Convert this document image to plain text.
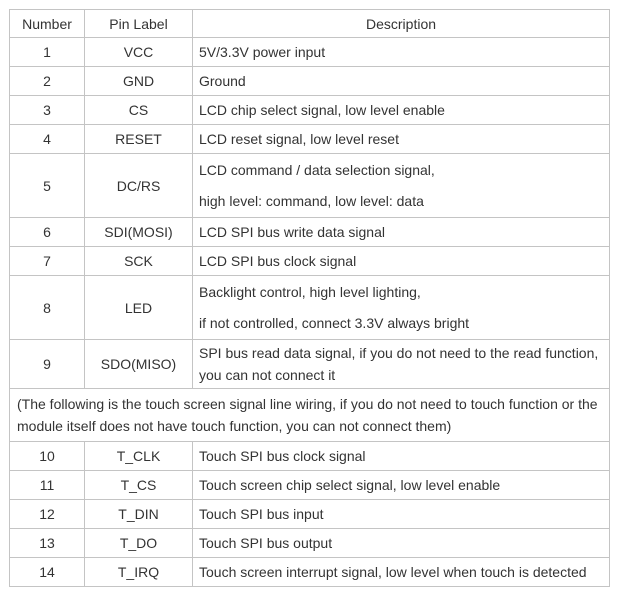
Number	Pin Label	Description
1	VCC	5V/3.3V power input
2	GND	Ground
3	CS	LCD chip select signal, low level enable
4	RESET	LCD reset signal, low level reset
5	DC/RS	LCD command / data selection signal,
high level: command, low level: data
6	SDI(MOSI)	LCD SPI bus write data signal
7	SCK	LCD SPI bus clock signal
8	LED	Backlight control, high level lighting,
if not controlled, connect 3.3V always bright
9	SDO(MISO)	SPI bus read data signal, if you do not need to the read function,
you can not connect it
(The following is the touch screen signal line wiring, if you do not need to touch function or the
module itself does not have touch function, you can not connect them)		
10	T_CLK	Touch SPI bus clock signal
11	T_CS	Touch screen chip select signal, low level enable
12	T_DIN	Touch SPI bus input
13	T_DO	Touch SPI bus output
14	T_IRQ	Touch screen interrupt signal, low level when touch is detected
